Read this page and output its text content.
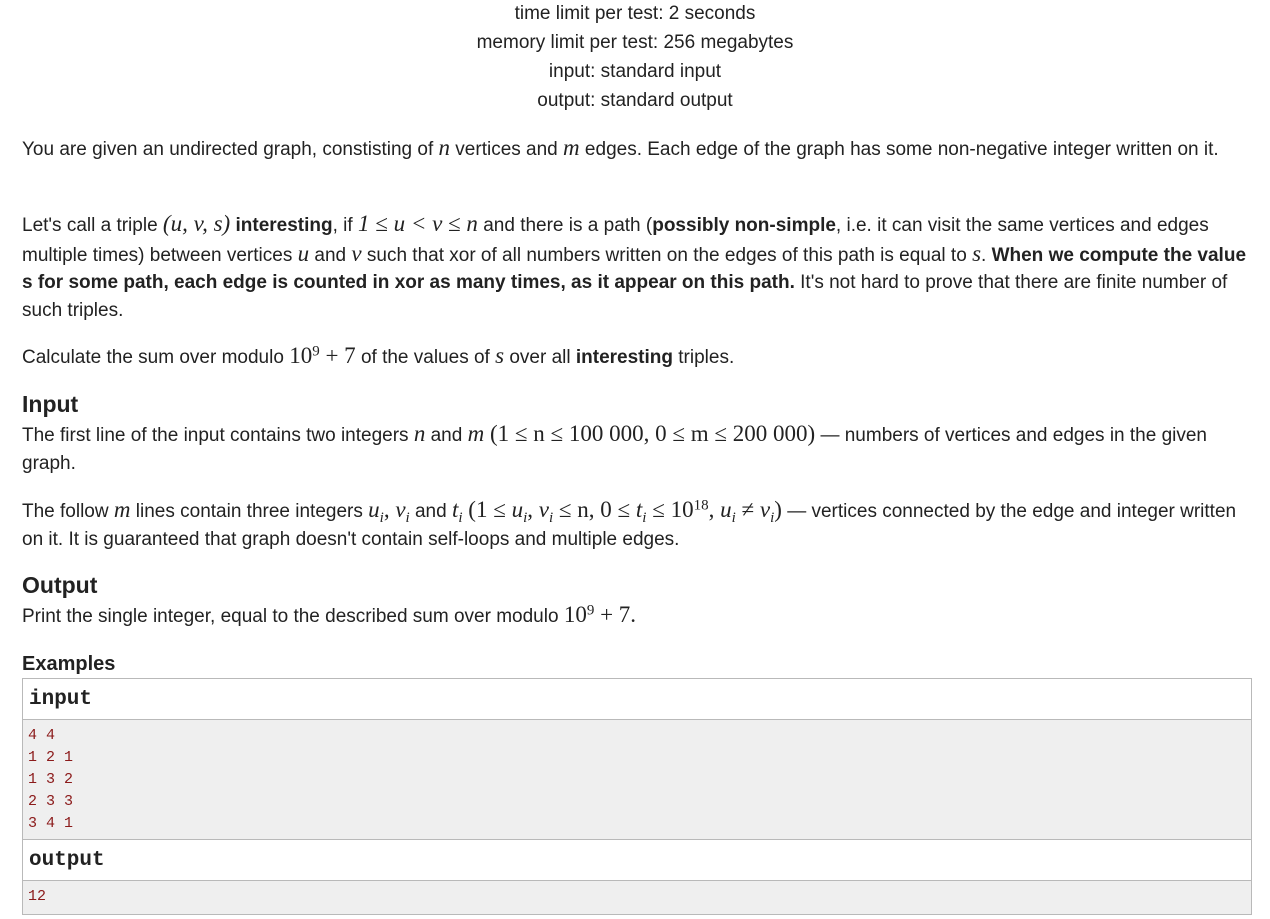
time limit per test: 2 seconds
memory limit per test: 256 megabytes
input: standard input
output: standard output
You are given an undirected graph, constisting of n vertices and m edges. Each edge of the graph has some non-negative integer written on it.
Let's call a triple (u, v, s) interesting, if 1 ≤ u < v ≤ n and there is a path (possibly non-simple, i.e. it can visit the same vertices and edges multiple times) between vertices u and v such that xor of all numbers written on the edges of this path is equal to s. When we compute the value s for some path, each edge is counted in xor as many times, as it appear on this path. It's not hard to prove that there are finite number of such triples.
Calculate the sum over modulo $10^9 + 7$ of the values of s over all interesting triples.
Input
The first line of the input contains two integers n and m (1 ≤ n ≤ 100 000, 0 ≤ m ≤ 200 000) — numbers of vertices and edges in the given graph.
The follow m lines contain three integers $u_i$, $v_i$ and $t_i$ ($1 \le u_i$, $v_i \le n$, $0 \le t_i \le 10^{18}$, $u_i \ne v_i$) — vertices connected by the edge and integer written on it. It is guaranteed that graph doesn't contain self-loops and multiple edges.
Output
Print the single integer, equal to the described sum over modulo $10^9 + 7$.
Examples
input
4 4
1 2 1
1 3 2
2 3 3
3 4 1
output
12
